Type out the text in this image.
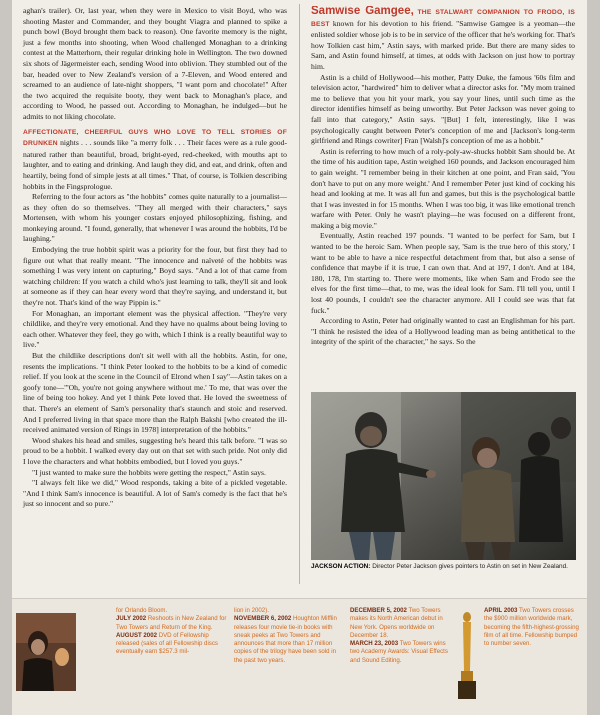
aghan's trailer). Or, last year, when they were in Mexico to visit Boyd, who was shooting Master and Commander, and they bought Viagra and planned to spike a punch bowl (Boyd brought them back to reason). One favorite memory is the night, just a few months into shooting, when Wood challenged Monaghan to a drinking contest at the Matterhorn, their regular drinking hole in Wellington. The two downed six shots of Jägermeister each, sending Wood into oblivion. They stumbled out of the bar, headed over to New Zealand's version of a 7-Eleven, and Wood entered and screamed to an audience of late-night shoppers, "I want porn and chocolate!" After the two acquired the requisite booty, they went back to Monaghan's place, and according to Wood, he passed out. According to Monaghan, he indulged—but he admits to not liking chocolate.

AFFECTIONATE, CHEERFUL GUYS WHO LOVE TO TELL STORIES OF DRUNKEN nights . . . sounds like "a merry folk . . . Their faces were as a rule good-natured rather than beautiful, broad, bright-eyed, red-cheeked, with mouths apt to laughter, and to eating and drinking. And laugh they did, and eat, and drink, often and heartily, being fond of simple jests at all times." That, of course, is Tolkien describing hobbits in the Fingsprologue.

Referring to the four actors as "the hobbits" comes quite naturally to a journalist—as they often do so themselves. "They all merged with their characters," says Mortensen, with whom his younger costars enjoyed philosophizing, fishing, and monkeying around. "I found, generally, that whenever I was around the hobbits, I'd be laughing."

Embodying the true hobbit spirit was a priority for the four, but first they had to figure out what that really meant. "The innocence and naïveté of the hobbits was something I was very intent on capturing," Boyd says. "And a lot of that came from watching children: If you watch a child who's just learning to talk, they'll sit and look at someone as if they can hear every word that they're saying, and understand it, but they're not. That's kind of the way Pippin is."

For Monaghan, an important element was the physical affection. "They're very childlike, and they're very emotional. And they have no qualms about being loving to each other. Whatever they feel, they go with, which I think is a really beautiful way to live."

But the childlike descriptions don't sit well with all the hobbits. Astin, for one, resents the implications. "I think Peter looked to the hobbits to be a kind of comedic relief. If you look at the scene in the Council of Elrond when I say"—Astin takes on a goofy tone—"'Oh, you're not going anywhere without me.' To me, that was over the line of being too hokey. And yet I think Pete loved that. He loved the sweetness of that. There's an element of Sam's personality that's staunch and stoic and reserved. And I preferred living in that space more than the Ralph Bakshi [who created the ill-received animated version of Rings in 1978] interpretation of the hobbits."

Wood shakes his head and smiles, suggesting he's heard this talk before. "I was so proud to be a hobbit. I walked every day out on that set with such pride. Not only did I love the characters and what hobbits embodied, but I loved you guys."

"I just wanted to make sure the hobbits were getting the respect," Astin says.

"I always felt like we did," Wood responds, taking a bite of a pickled vegetable. "And I think Sam's innocence is beautiful. A lot of Sam's comedy is the fact that he's just so innocent and so pure."

Samwise Gamgee, THE STALWART COMPANION TO FRODO, IS BEST known for his devotion to his friend. "Samwise Gamgee is a yeoman—the enlisted soldier whose job is to be in service of the officer that he's working for. That's how Tolkien cast him," Astin says, with marked pride. But there are many sides to Sam, and Astin found himself, at times, at odds with Jackson on just how to portray him.

Astin is a child of Hollywood—his mother, Patty Duke, the famous '60s film and television actor, "hardwired" him to deliver what a director asks for. "My mom trained me to believe that you hit your mark, you say your lines, until such time as the director identifies himself as being unworthy. But Peter Jackson was never going to fall into that category," Astin says. "[But] I felt, interestingly, like I was psychologically caught between Peter's conception of me and [Jackson's long-term girlfriend and Rings cowriter] Fran [Walsh]'s conception of me as a hobbit."

Astin is referring to how much of a roly-poly-aw-shucks hobbit Sam should be. At the time of his audition tape, Astin weighed 160 pounds, and Jackson encouraged him to gain weight. "I remember being in their kitchen at one point, and Fran said, 'You don't have to put on any more weight.' And I remember Peter just kind of cocking his head and looking at me. It was all fun and games, but this is the psychological battle that I was invested in for 15 months. When I was too big, it was like emotional trench warfare with Peter. Only he wasn't playing—he was focused on a different front, making a big movie."

Eventually, Astin reached 197 pounds. "I wanted to be perfect for Sam, but I wanted to be the heroic Sam. When people say, 'Sam is the true hero of this story,' I want to be able to have a nice respectful detachment from that, but also a sense of confidence that maybe if it is true, I can own that. And at 197, I don't. And at 184, 180, 178, I'm starting to. There were moments, like when Sam and Frodo see the elves for the first time—that, to me, was the ideal look for Sam. I'll tell you, until I lost 40 pounds, I couldn't see the character anymore. All I could see was that fat fuck."

According to Astin, Peter had originally wanted to cast an Englishman for his part. "I think he resisted the idea of a Hollywood leading man as being antithetical to the integrity of the spirit of the character," he says. So the

JACKSON ACTION: Director Peter Jackson gives pointers to Astin on set in New Zealand.
for Orlando Bloom.
JULY 2002 Reshoots in New Zealand for Two Towers and Return of the King.
AUGUST 2002 DVD of Fellowship released (sales of all Fellowship discs eventually earn $257.3 mil-
lion in 2002).
NOVEMBER 6, 2002 Houghton Mifflin releases four movie tie-in books with sneak peeks at Two Towers and announces that more than 17 million copies of the trilogy have been sold in the past two years.
DECEMBER 5, 2002 Two Towers makes its North American debut in New York. Opens worldwide on December 18.
MARCH 23, 2003 Two Towers wins two Academy Awards: Visual Effects and Sound Editing.
APRIL 2003 Two Towers crosses the $900 million worldwide mark, becoming the fifth-highest-grossing film of all time. Fellowship bumped to number seven.
